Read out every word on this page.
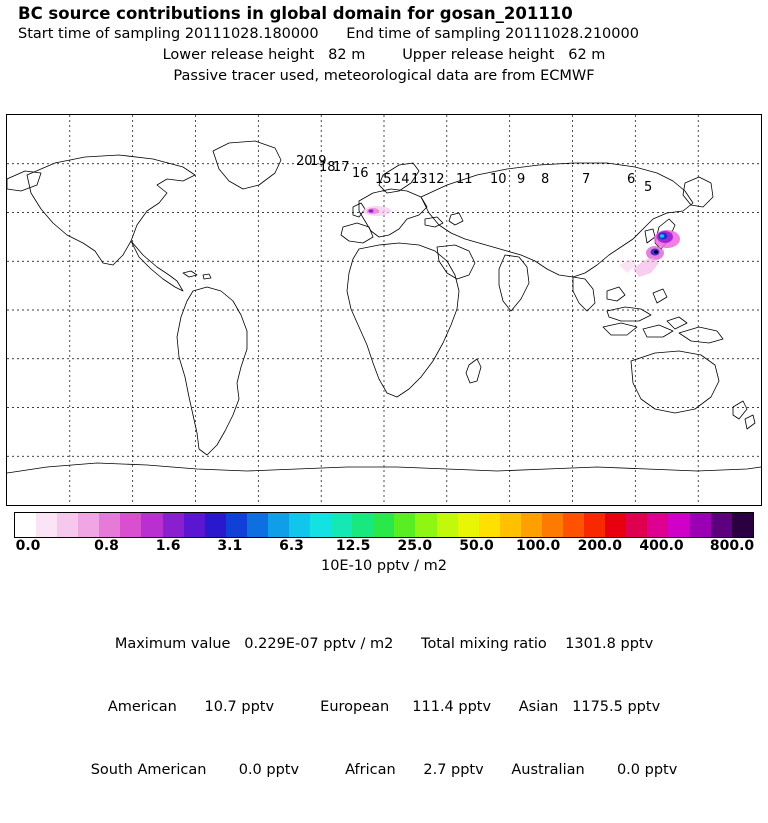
BC source contributions in global domain for gosan_201110
Start time of sampling 20111028.180000      End time of sampling 20111028.210000
Lower release height   82 m        Upper release height   62 m
Passive tracer used, meteorological data are from ECMWF
20
19
18
17 16 15 14 13 12 11 10 9 8	7	6
5
0.0	0.8	1.6	3.1	6.3 12.5 25.0 50.0 100.0 200.0 400.0 800.0
10E-10 pptv / m2

Maximum value   0.229E-07 pptv / m2      Total mixing ratio    1301.8 pptv

American      10.7 pptv          European     111.4 pptv      Asian   1175.5 pptv

South American       0.0 pptv          African      2.7 pptv      Australian       0.0 pptv
